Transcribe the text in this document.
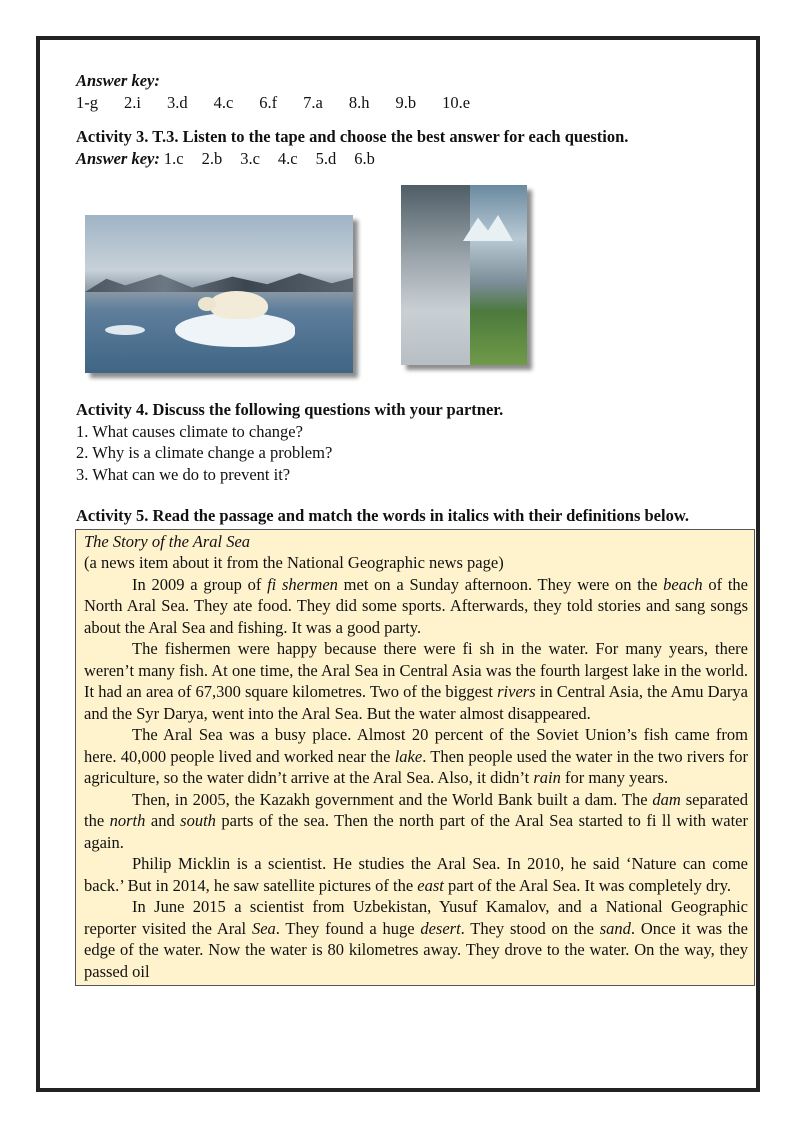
Answer key:
1-g 2.i 3.d 4.c 6.f 7.a 8.h 9.b 10.e
Activity 3. T.3. Listen to the tape and choose the best answer for each question.
Answer key: 1.c 2.b 3.c 4.c 5.d 6.b
Activity 4. Discuss the following questions with your partner.
1. What causes climate to change?
2. Why is a climate change a problem?
3. What can we do to prevent it?
Activity 5. Read the passage and match the words in italics with their definitions below.

The Story of the Aral Sea

(a news item about it from the National Geographic news page)

In 2009 a group of fi shermen met on a Sunday afternoon. They were on the beach of the North Aral Sea. They ate food. They did some sports. Afterwards, they told stories and sang songs about the Aral Sea and fishing. It was a good party.

The fishermen were happy because there were fi sh in the water. For many years, there weren’t many fish. At one time, the Aral Sea in Central Asia was the fourth largest lake in the world. It had an area of 67,300 square kilometres. Two of the biggest rivers in Central Asia, the Amu Darya and the Syr Darya, went into the Aral Sea. But the water almost disappeared.

The Aral Sea was a busy place. Almost 20 percent of the Soviet Union’s fish came from here. 40,000 people lived and worked near the lake. Then people used the water in the two rivers for agriculture, so the water didn’t arrive at the Aral Sea. Also, it didn’t rain for many years.

Then, in 2005, the Kazakh government and the World Bank built a dam. The dam separated the north and south parts of the sea. Then the north part of the Aral Sea started to fi ll with water again.

Philip Micklin is a scientist. He studies the Aral Sea. In 2010, he said ‘Nature can come back.’ But in 2014, he saw satellite pictures of the east part of the Aral Sea. It was completely dry.

In June 2015 a scientist from Uzbekistan, Yusuf Kamalov, and a National Geographic reporter visited the Aral Sea. They found a huge desert. They stood on the sand. Once it was the edge of the water. Now the water is 80 kilometres away. They drove to the water. On the way, they passed oil
